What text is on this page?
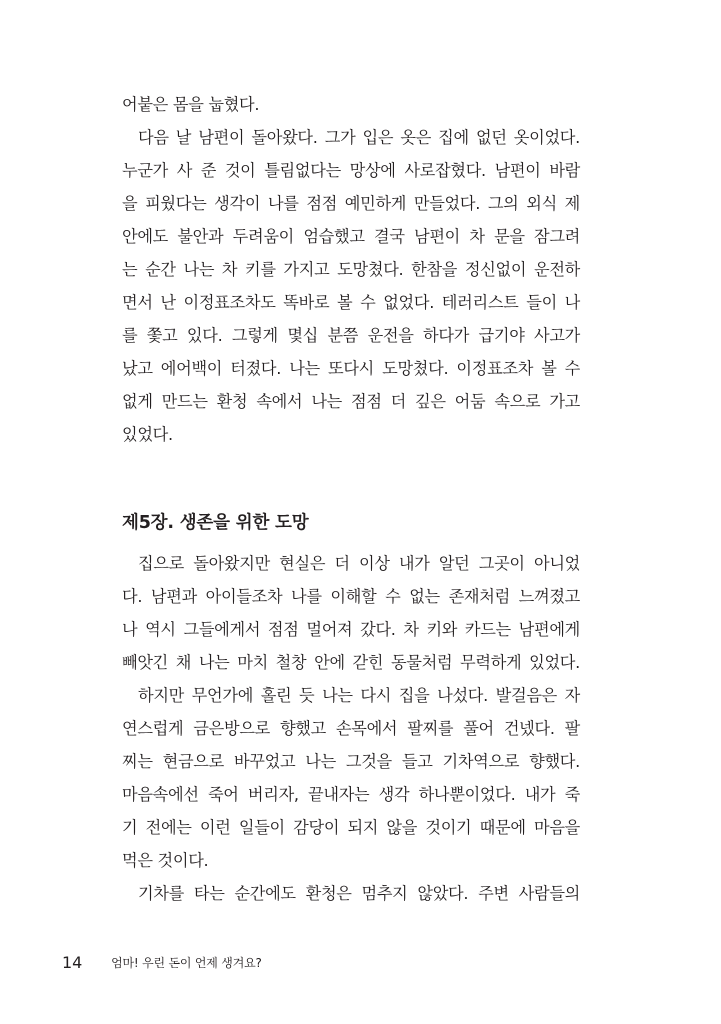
어붙은 몸을 눕혔다.
다음 날 남편이 돌아왔다. 그가 입은 옷은 집에 없던 옷이었다.
누군가 사 준 것이 틀림없다는 망상에 사로잡혔다. 남편이 바람
을 피웠다는 생각이 나를 점점 예민하게 만들었다. 그의 외식 제
안에도 불안과 두려움이 엄습했고 결국 남편이 차 문을 잠그려
는 순간 나는 차 키를 가지고 도망쳤다. 한참을 정신없이 운전하
면서 난 이정표조차도 똑바로 볼 수 없었다. 테러리스트 들이 나
를 쫓고 있다. 그렇게 몇십 분쯤 운전을 하다가 급기야 사고가
났고 에어백이 터졌다. 나는 또다시 도망쳤다. 이정표조차 볼 수
없게 만드는 환청 속에서 나는 점점 더 깊은 어둠 속으로 가고
있었다.
제5장. 생존을 위한 도망
집으로 돌아왔지만 현실은 더 이상 내가 알던 그곳이 아니었
다. 남편과 아이들조차 나를 이해할 수 없는 존재처럼 느껴졌고
나 역시 그들에게서 점점 멀어져 갔다. 차 키와 카드는 남편에게
빼앗긴 채 나는 마치 철창 안에 갇힌 동물처럼 무력하게 있었다.
하지만 무언가에 홀린 듯 나는 다시 집을 나섰다. 발걸음은 자
연스럽게 금은방으로 향했고 손목에서 팔찌를 풀어 건넸다. 팔
찌는 현금으로 바꾸었고 나는 그것을 들고 기차역으로 향했다.
마음속에선 죽어 버리자, 끝내자는 생각 하나뿐이었다. 내가 죽
기 전에는 이런 일들이 감당이 되지 않을 것이기 때문에 마음을
먹은 것이다.
기차를 타는 순간에도 환청은 멈추지 않았다. 주변 사람들의
14 엄마! 우린 돈이 언제 생겨요?
